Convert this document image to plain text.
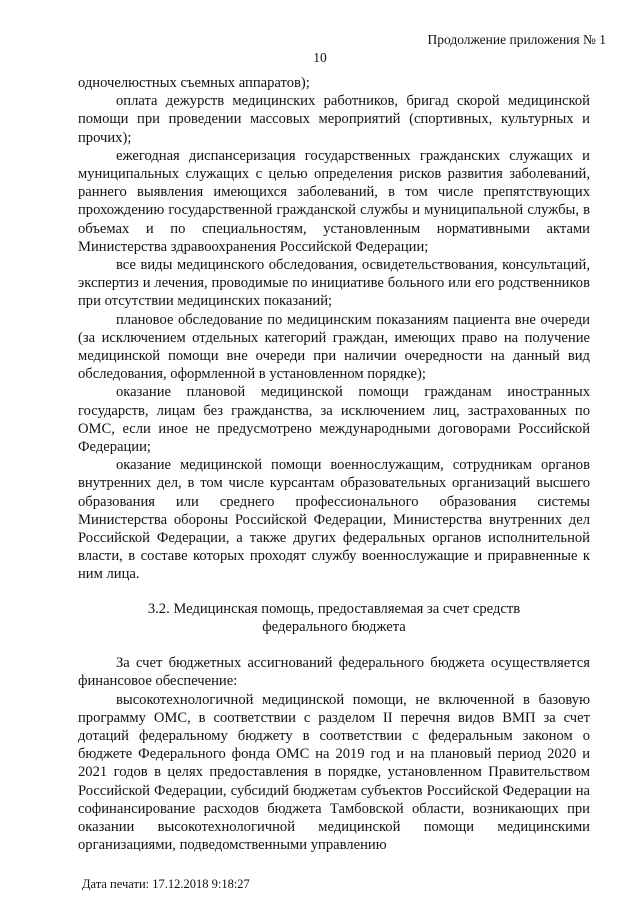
Продолжение приложения № 1
10

одночелюстных съемных аппаратов);

оплата дежурств медицинских работников, бригад скорой медицинской помощи при проведении массовых мероприятий (спортивных, культурных и прочих);

ежегодная диспансеризация государственных гражданских служащих и муниципальных служащих с целью определения рисков развития заболеваний, раннего выявления имеющихся заболеваний, в том числе препятствующих прохождению государственной гражданской службы и муниципальной службы, в объемах и по специальностям, установленным нормативными актами Министерства здравоохранения Российской Федерации;

все виды медицинского обследования, освидетельствования, консультаций, экспертиз и лечения, проводимые по инициативе больного или его родственников при отсутствии медицинских показаний;

плановое обследование по медицинским показаниям пациента вне очереди (за исключением отдельных категорий граждан, имеющих право на получение медицинской помощи вне очереди при наличии очередности на данный вид обследования, оформленной в установленном порядке);

оказание плановой медицинской помощи гражданам иностранных государств, лицам без гражданства, за исключением лиц, застрахованных по ОМС, если иное не предусмотрено международными договорами Российской Федерации;

оказание медицинской помощи военнослужащим, сотрудникам органов внутренних дел, в том числе курсантам образовательных организаций высшего образования или среднего профессионального образования системы Министерства обороны Российской Федерации, Министерства внутренних дел Российской Федерации, а также других федеральных органов исполнительной власти, в составе которых проходят службу военнослужащие и приравненные к ним лица.

3.2. Медицинская помощь, предоставляемая за счет средств
федерального бюджета

За счет бюджетных ассигнований федерального бюджета осуществляется финансовое обеспечение:

высокотехнологичной медицинской помощи, не включенной в базовую программу ОМС, в соответствии с разделом II перечня видов ВМП за счет дотаций федеральному бюджету в соответствии с федеральным законом о бюджете Федерального фонда ОМС на 2019 год и на плановый период 2020 и 2021 годов в целях предоставления в порядке, установленном Правительством Российской Федерации, субсидий бюджетам субъектов Российской Федерации на софинансирование расходов бюджета Тамбовской области, возникающих при оказании высокотехнологичной медицинской помощи медицинскими организациями, подведомственными управлению

Дата печати: 17.12.2018 9:18:27
